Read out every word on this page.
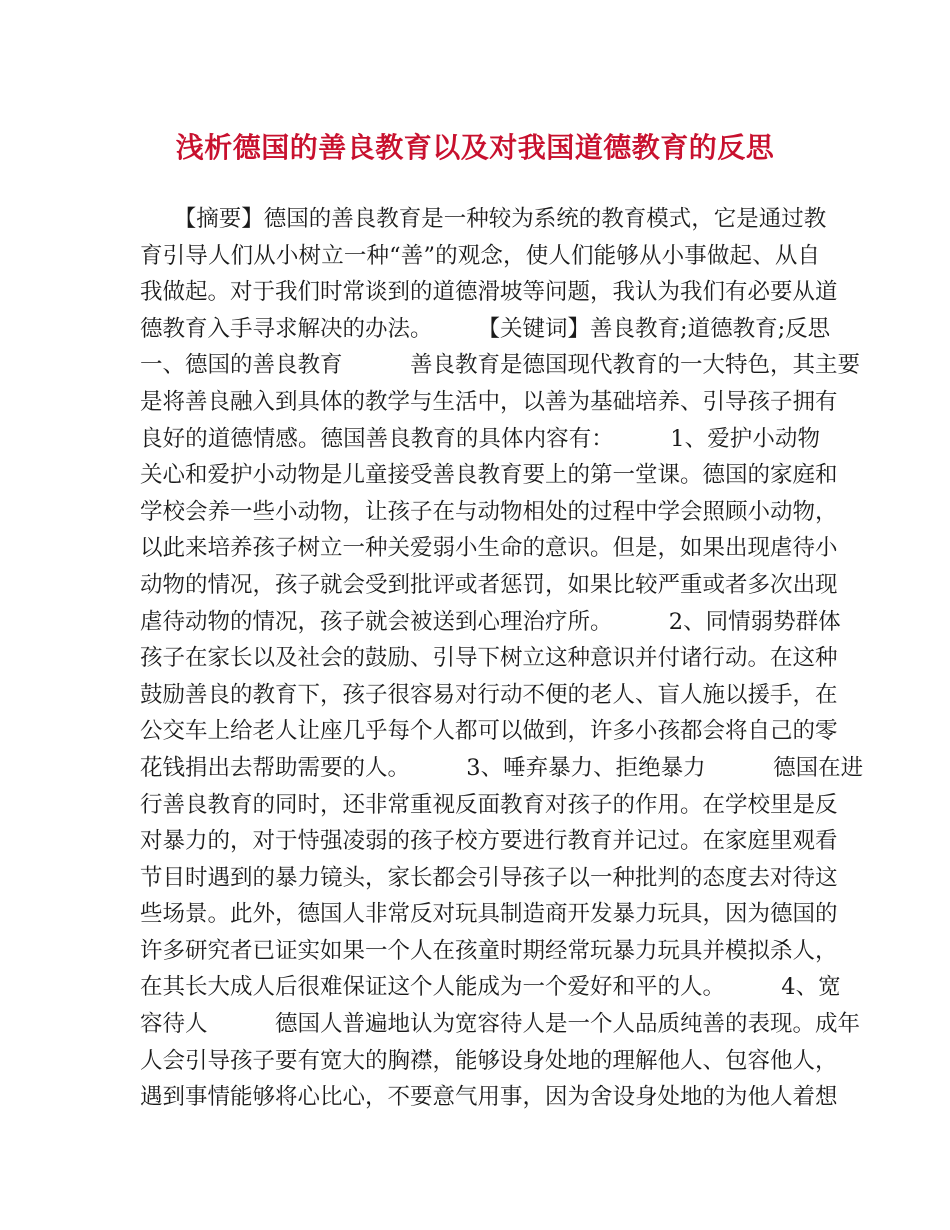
浅析德国的善良教育以及对我国道德教育的反思
　　【摘要】德国的善良教育是一种较为系统的教育模式，它是通过教
育引导人们从小树立一种“善”的观念，使人们能够从小事做起、从自
我做起。对于我们时常谈到的道德滑坡等问题，我认为我们有必要从道
德教育入手寻求解决的办法。　　　【关键词】善良教育;道德教育;反思
一、德国的善良教育　　　善良教育是德国现代教育的一大特色，其主要
是将善良融入到具体的教学与生活中，以善为基础培养、引导孩子拥有
良好的道德情感。德国善良教育的具体内容有：　　　1、爱护小动物
关心和爱护小动物是儿童接受善良教育要上的第一堂课。德国的家庭和
学校会养一些小动物，让孩子在与动物相处的过程中学会照顾小动物，
以此来培养孩子树立一种关爱弱小生命的意识。但是，如果出现虐待小
动物的情况，孩子就会受到批评或者惩罚，如果比较严重或者多次出现
虐待动物的情况，孩子就会被送到心理治疗所。　　　2、同情弱势群体
孩子在家长以及社会的鼓励、引导下树立这种意识并付诸行动。在这种
鼓励善良的教育下，孩子很容易对行动不便的老人、盲人施以援手，在
公交车上给老人让座几乎每个人都可以做到，许多小孩都会将自己的零
花钱捐出去帮助需要的人。　　　3、唾弃暴力、拒绝暴力　　　德国在进
行善良教育的同时，还非常重视反面教育对孩子的作用。在学校里是反
对暴力的，对于恃强凌弱的孩子校方要进行教育并记过。在家庭里观看
节目时遇到的暴力镜头，家长都会引导孩子以一种批判的态度去对待这
些场景。此外，德国人非常反对玩具制造商开发暴力玩具，因为德国的
许多研究者已证实如果一个人在孩童时期经常玩暴力玩具并模拟杀人，
在其长大成人后很难保证这个人能成为一个爱好和平的人。　　　4、宽
容待人　　　德国人普遍地认为宽容待人是一个人品质纯善的表现。成年
人会引导孩子要有宽大的胸襟，能够设身处地的理解他人、包容他人，
遇到事情能够将心比心，不要意气用事，因为舍设身处地的为他人着想
